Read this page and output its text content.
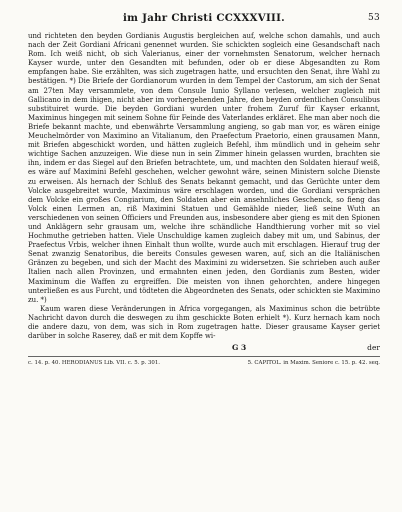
im Jahr Christi CCXXXVIII.	53

und richteten den beyden Gordianis Augustis bergleichen auf, welche schon damahls, und auch nach der Zeit Gordiani Africani genennet wurden. Sie schickten sogleich eine Gesandschaft nach Rom. Ich weiß nicht, ob sich Valerianus, einer der vornehmsten Senatorum, welcher hernach Kayser wurde, unter den Gesandten mit befunden, oder ob er diese Abgesandten zu Rom empfangen habe. Sie erzählten, was sich zugetragen hatte, und ersuchten den Senat, ihre Wahl zu bestätigen. *) Die Briefe der Gordianorum wurden in dem Tempel der Castorum, am sich der Senat am 27ten May versammlete, von dem Consule Iunio Syllano verlesen, welcher zugleich mit Gallicano in dem ihigen, nicht aber im vorhergehenden Jahre, den beyden ordentlichen Consulibus substituiret wurde. Die beyden Gordiani wurden unter frohem Zuruf für Kayser erkannt, Maximinus hingegen mit seinem Sohne für Feinde des Vaterlandes erkläret. Ehe man aber noch die Briefe bekannt machte, und ebenwährte Versammlung angieng, so gab man vor, es wären einige Meuchelmörder von Maximino an Vitalianum, den Praefectum Praetorio, einen grausamen Mann, mit Briefen abgeschickt worden, und hätten zugleich Befehl, ihm mündlich und in geheim sehr wichtige Sachen anzuzeigen. Wie diese nun in sein Zimmer hinein gelassen wurden, brachten sie ihn, indem er das Siegel auf den Briefen betrachtete, um, und machten den Soldaten hierauf weiß, es wäre auf Maximini Befehl geschehen, welcher gewohnt wäre, seinen Ministern solche Dienste zu erweisen. Als hernach der Schluß des Senats bekannt gemacht, und das Gerüchte unter dem Volcke ausgebreitet wurde, Maximinus wäre erschlagen worden, und die Gordiani versprächen dem Volcke ein großes Congiarium, den Soldaten aber ein ansehnliches Geschenck, so fieng das Volck einen Lermen an, riß Maximini Statuen und Gemählde nieder, ließ seine Wuth an verschiedenen von seinen Officiers und Freunden aus, insbesondere aber gieng es mit den Spionen und Anklägern sehr grausam um, welche ihre schändliche Handthierung vorher mit so viel Hochmuthe getrieben hatten. Viele Unschuldige kamen zugleich dabey mit um, und Sabinus, der Praefectus Vrbis, welcher ihnen Einhalt thun wollte, wurde auch mit erschlagen. Hierauf trug der Senat zwanzig Senatoribus, die bereits Consules gewesen waren, auf, sich an die Italiänischen Gränzen zu begeben, und sich der Macht des Maximini zu widersetzen. Sie schrieben auch außer Italien nach allen Provinzen, und ermahnten einen jeden, den Gordianis zum Besten, wider Maximinum die Waffen zu ergreiffen. Die meisten von ihnen gehorchten, andere hingegen unterließen es aus Furcht, und tödteten die Abgeordneten des Senats, oder schickten sie Maximino zu. *)

Kaum waren diese Veränderungen in Africa vorgegangen, als Maximinus schon die betrübte Nachricht davon durch die deswegen zu ihm geschickte Boten erhielt *). Kurz hernach kam noch die andere dazu, von dem, was sich in Rom zugetragen hatte. Dieser grausame Kayser geriet darüber in solche Raserey, daß er mit dem Kopffe wi-

G 3	der
c. 14. p. 40. HERODIANUS Lib. VII. c. 5. p. 301.	5. CAPITOL. in Maxim. Seniore c. 15. p. 42. seq.
